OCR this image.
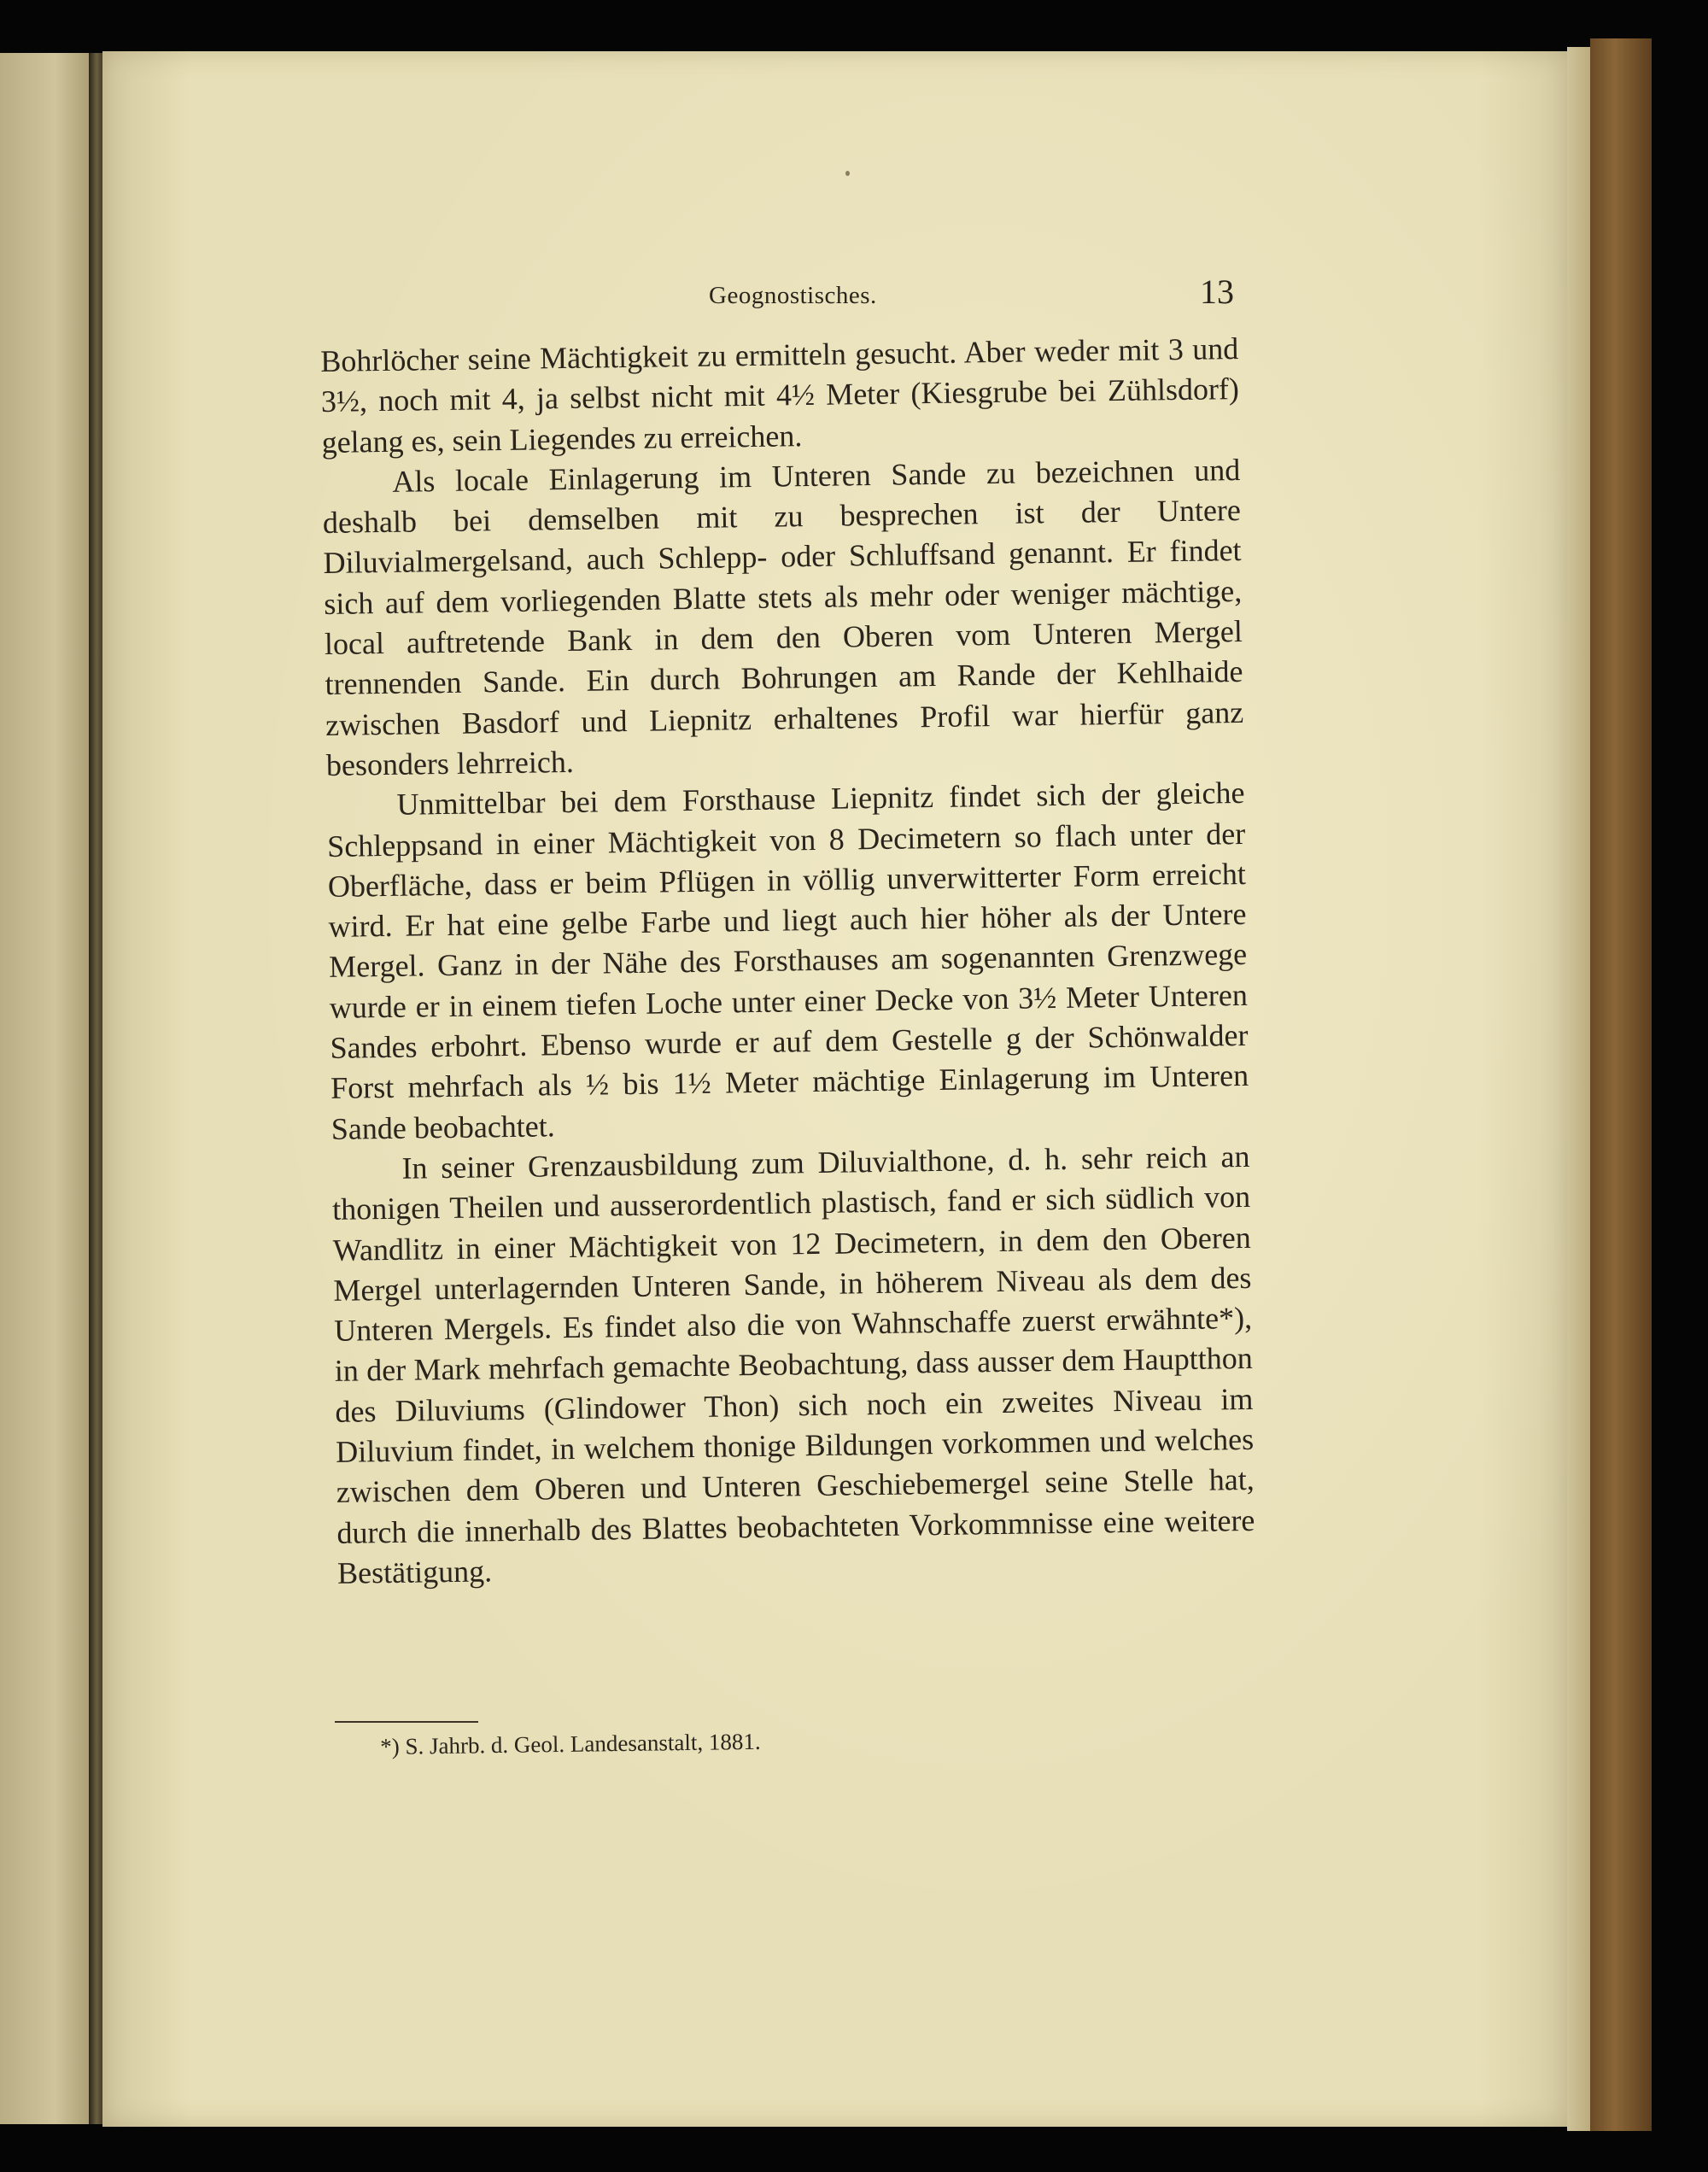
Geognostisches.	13

Bohrlöcher seine Mächtigkeit zu ermitteln gesucht. Aber weder mit 3 und 3½, noch mit 4, ja selbst nicht mit 4½ Meter (Kiesgrube bei Zühlsdorf) gelang es, sein Liegendes zu erreichen.

Als locale Einlagerung im Unteren Sande zu bezeichnen und deshalb bei demselben mit zu besprechen ist der Untere Diluvialmergelsand, auch Schlepp- oder Schluffsand genannt. Er findet sich auf dem vorliegenden Blatte stets als mehr oder weniger mächtige, local auftretende Bank in dem den Oberen vom Unteren Mergel trennenden Sande. Ein durch Bohrungen am Rande der Kehlhaide zwischen Basdorf und Liepnitz erhaltenes Profil war hierfür ganz besonders lehrreich.

Unmittelbar bei dem Forsthause Liepnitz findet sich der gleiche Schleppsand in einer Mächtigkeit von 8 Decimetern so flach unter der Oberfläche, dass er beim Pflügen in völlig unverwitterter Form erreicht wird. Er hat eine gelbe Farbe und liegt auch hier höher als der Untere Mergel. Ganz in der Nähe des Forsthauses am sogenannten Grenzwege wurde er in einem tiefen Loche unter einer Decke von 3½ Meter Unteren Sandes erbohrt. Ebenso wurde er auf dem Gestelle g der Schönwalder Forst mehrfach als ½ bis 1½ Meter mächtige Einlagerung im Unteren Sande beobachtet.

In seiner Grenzausbildung zum Diluvialthone, d. h. sehr reich an thonigen Theilen und ausserordentlich plastisch, fand er sich südlich von Wandlitz in einer Mächtigkeit von 12 Decimetern, in dem den Oberen Mergel unterlagernden Unteren Sande, in höherem Niveau als dem des Unteren Mergels. Es findet also die von Wahnschaffe zuerst erwähnte*), in der Mark mehrfach gemachte Beobachtung, dass ausser dem Hauptthon des Diluviums (Glindower Thon) sich noch ein zweites Niveau im Diluvium findet, in welchem thonige Bildungen vorkommen und welches zwischen dem Oberen und Unteren Geschiebemergel seine Stelle hat, durch die innerhalb des Blattes beobachteten Vorkommnisse eine weitere Bestätigung.

*) S. Jahrb. d. Geol. Landesanstalt, 1881.
